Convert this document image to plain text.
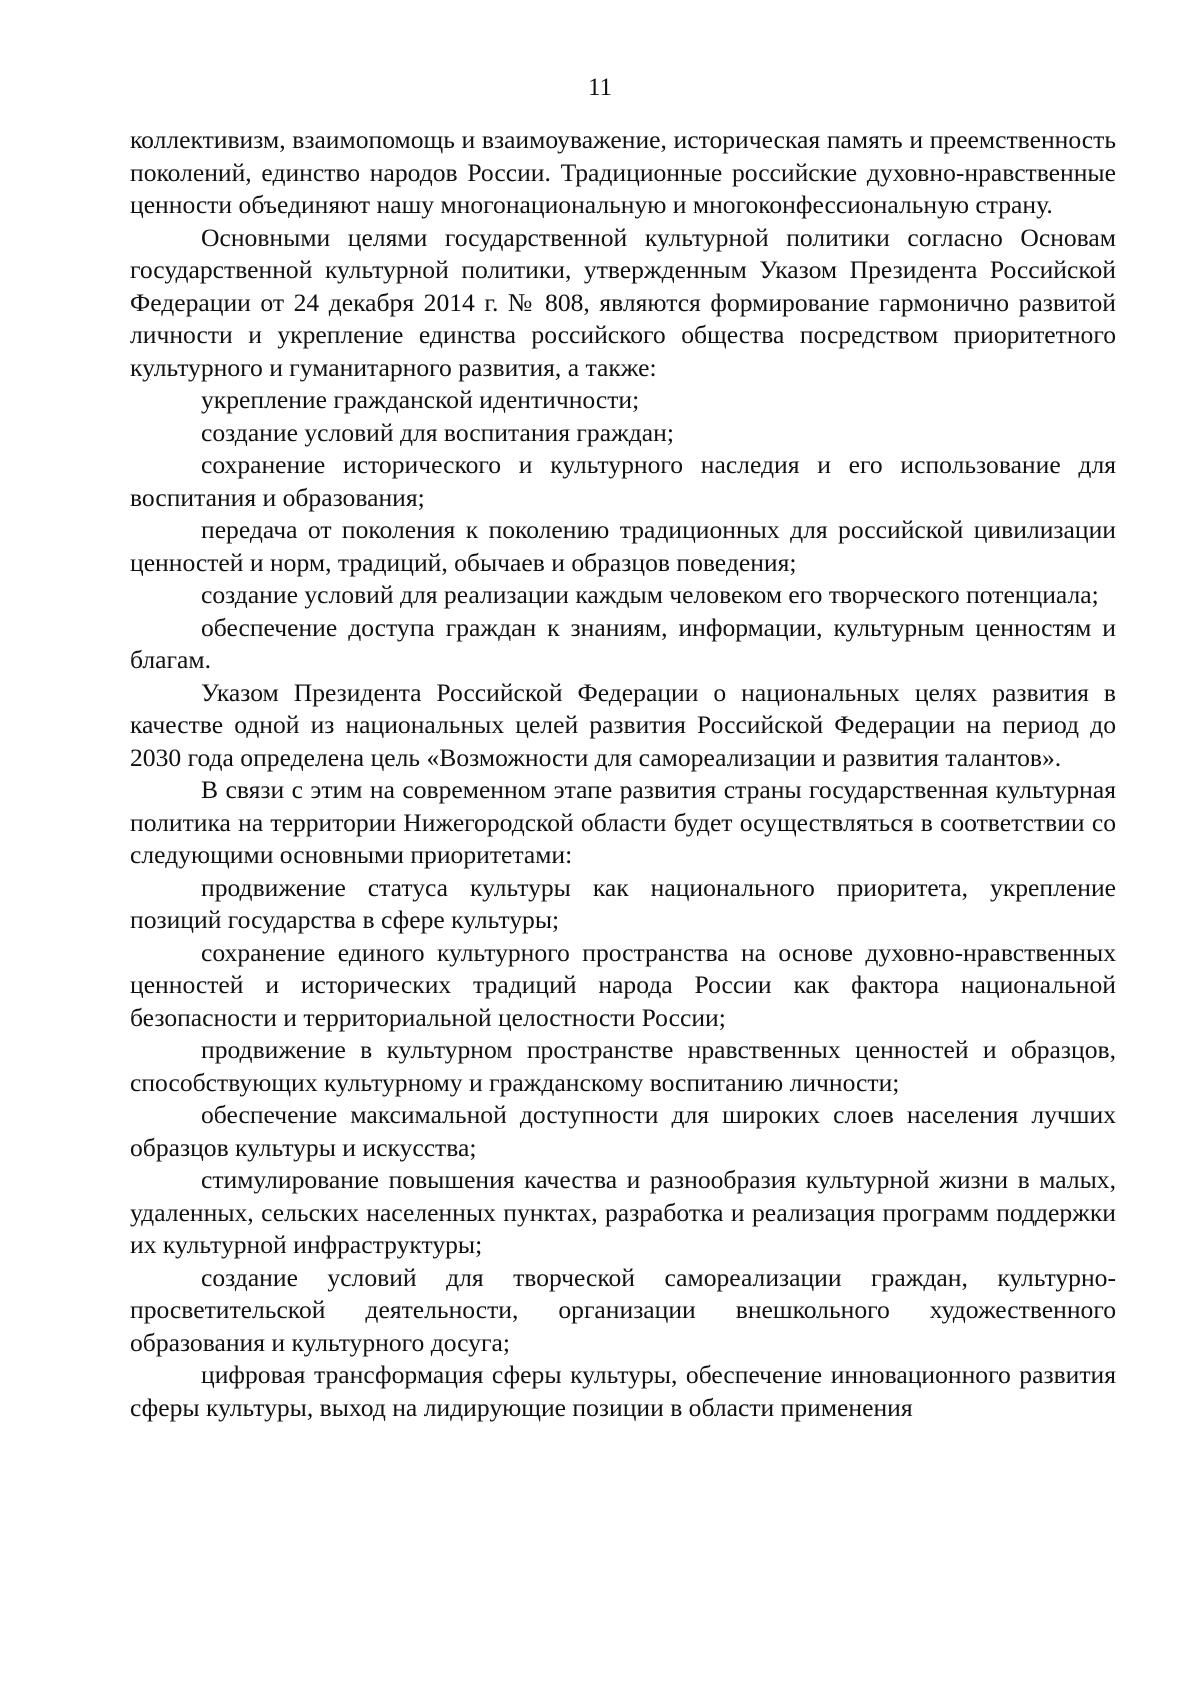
11

коллективизм, взаимопомощь и взаимоуважение, историческая память и преемственность поколений, единство народов России. Традиционные российские духовно-нравственные ценности объединяют нашу многонациональную и многоконфессиональную страну.

Основными целями государственной культурной политики согласно Основам государственной культурной политики, утвержденным Указом Президента Российской Федерации от 24 декабря 2014 г. № 808, являются формирование гармонично развитой личности и укрепление единства российского общества посредством приоритетного культурного и гуманитарного развития, а также:

укрепление гражданской идентичности;

создание условий для воспитания граждан;

сохранение исторического и культурного наследия и его использование для воспитания и образования;

передача от поколения к поколению традиционных для российской цивилизации ценностей и норм, традиций, обычаев и образцов поведения;

создание условий для реализации каждым человеком его творческого потенциала;

обеспечение доступа граждан к знаниям, информации, культурным ценностям и благам.

Указом Президента Российской Федерации о национальных целях развития в качестве одной из национальных целей развития Российской Федерации на период до 2030 года определена цель «Возможности для самореализации и развития талантов».

В связи с этим на современном этапе развития страны государственная культурная политика на территории Нижегородской области будет осуществляться в соответствии со следующими основными приоритетами:

продвижение статуса культуры как национального приоритета, укрепление позиций государства в сфере культуры;

сохранение единого культурного пространства на основе духовно-нравственных ценностей и исторических традиций народа России как фактора национальной безопасности и территориальной целостности России;

продвижение в культурном пространстве нравственных ценностей и образцов, способствующих культурному и гражданскому воспитанию личности;

обеспечение максимальной доступности для широких слоев населения лучших образцов культуры и искусства;

стимулирование повышения качества и разнообразия культурной жизни в малых, удаленных, сельских населенных пунктах, разработка и реализация программ поддержки их культурной инфраструктуры;

создание условий для творческой самореализации граждан, культурно-просветительской деятельности, организации внешкольного художественного образования и культурного досуга;

цифровая трансформация сферы культуры, обеспечение инновационного развития сферы культуры, выход на лидирующие позиции в области применения
